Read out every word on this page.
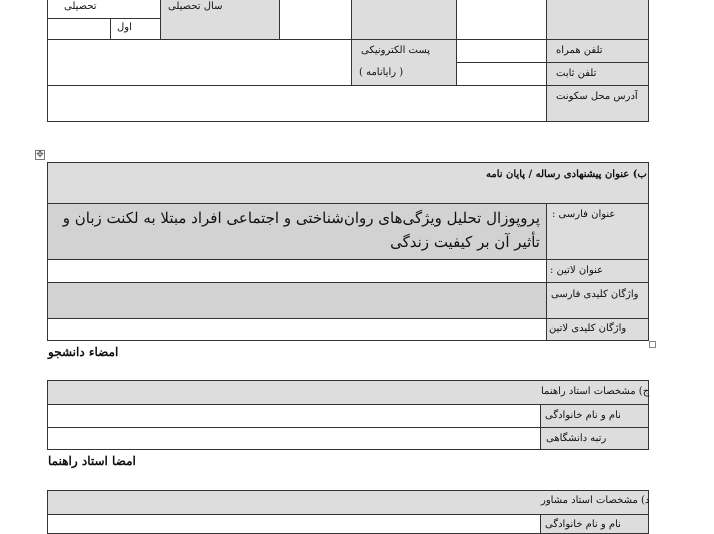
تحصیلی	سال تحصیلی
اول
پست الکترونیکی
( رایانامه )
تلفن همراه
تلفن ثابت
آدرس محل سکونت
✥
ب) عنوان پیشنهادی رساله / پایان نامه
پروپوزال تحلیل ویژگی‌های روان‌شناختی و اجتماعی افراد مبتلا به لکنت زبان و تأثیر آن بر کیفیت زندگی
عنوان فارسی :
عنوان لاتین :
واژگان کلیدی فارسی
واژگان کلیدی لاتین
امضاء دانشجو
ج) مشخصات استاد راهنما
نام و نام خانوادگی
رتبه دانشگاهی
امضا استاد راهنما
د) مشخصات استاد مشاور
نام و نام خانوادگی
